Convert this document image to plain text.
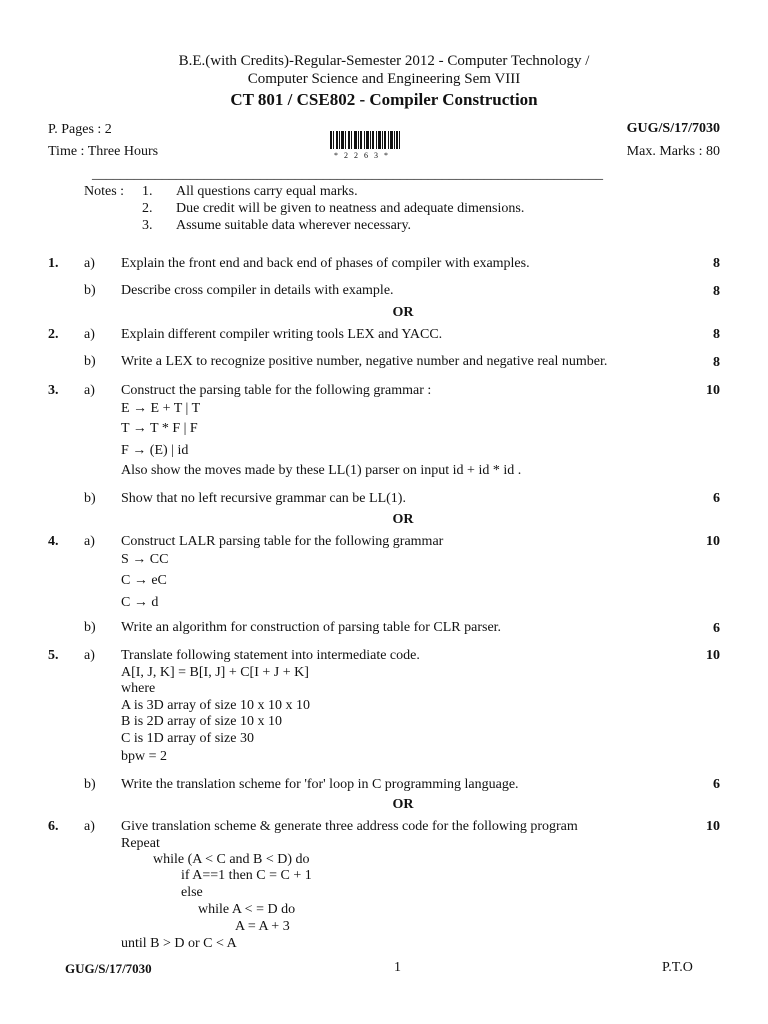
B.E.(with Credits)-Regular-Semester 2012 - Computer Technology /
Computer Science and Engineering Sem VIII
CT 801 / CSE802 - Compiler Construction
P. Pages : 2	GUG/S/17/7030
Time : Three Hours	Max. Marks : 80
*2263*
_________________________________________________________________________
Notes : 1. All questions carry equal marks.
2. Due credit will be given to neatness and adequate dimensions.
3. Assume suitable data wherever necessary.
1. a) Explain the front end and back end of phases of compiler with examples.	8
b) Describe cross compiler in details with example.	8
OR
2. a) Explain different compiler writing tools LEX and YACC.	8
b) Write a LEX to recognize positive number, negative number and negative real number.	8
3. a) Construct the parsing table for the following grammar :	10
E → E + T | T
T → T * F | F
F → (E) | id
Also show the moves made by these LL(1) parser on input id + id * id .
b) Show that no left recursive grammar can be LL(1).	6
OR
4. a) Construct LALR parsing table for the following grammar	10
S → CC
C → eC
C → d
b) Write an algorithm for construction of parsing table for CLR parser.	6
5. a) Translate following statement into intermediate code.	10
A[I, J, K] = B[I, J] + C[I + J + K]
where
A is 3D array of size 10 x 10 x 10
B is 2D array of size 10 x 10
C is 1D array of size 30
bpw = 2
b) Write the translation scheme for 'for' loop in C programming language.	6
OR
6. a) Give translation scheme & generate three address code for the following program	10
Repeat
while (A < C and B < D) do
if A==1 then C = C + 1
else
while A < = D do
A = A + 3
until B > D or C < A
GUG/S/17/7030	1	P.T.O
